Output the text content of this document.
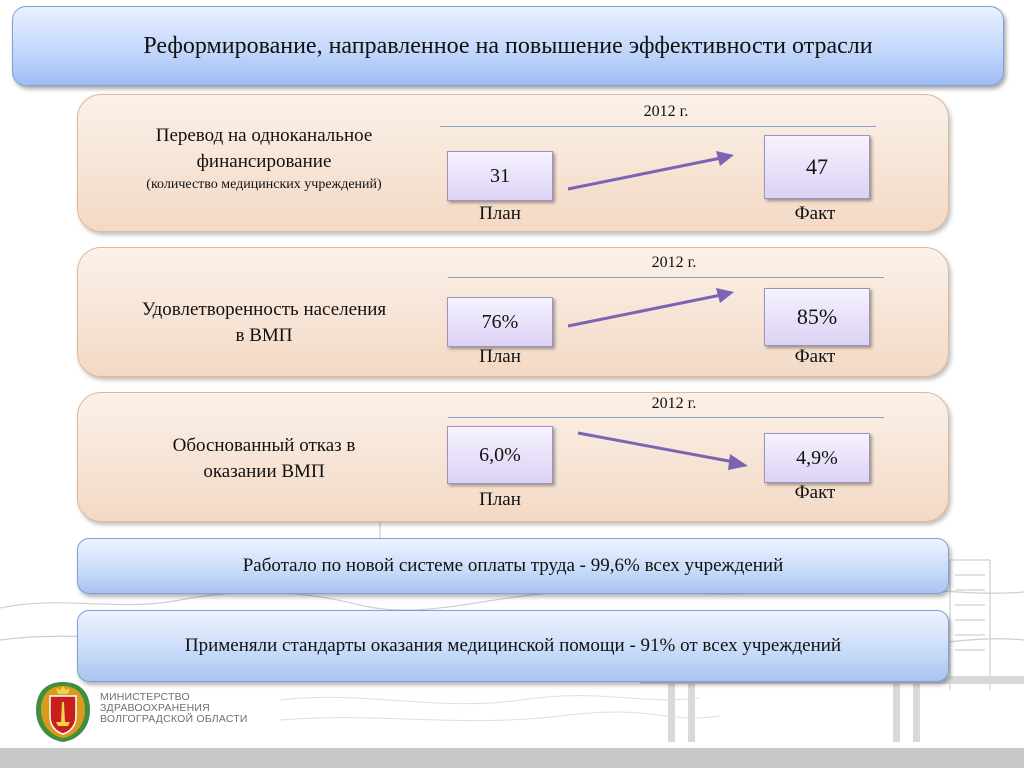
Реформирование, направленное на повышение эффективности отрасли
Перевод на одноканальное
финансирование
(количество медицинских учреждений)
2012 г.
31	47
План	Факт
Удовлетворенность населения
в ВМП
2012 г.
76%	85%
План	Факт
Обоснованный отказ в
оказании ВМП
2012 г.
6,0%	4,9%
План	Факт
Работало по новой системе оплаты труда - 99,6% всех учреждений
Применяли стандарты оказания медицинской помощи - 91% от всех учреждений
МИНИСТЕРСТВО
ЗДРАВООХРАНЕНИЯ
ВОЛГОГРАДСКОЙ ОБЛАСТИ
